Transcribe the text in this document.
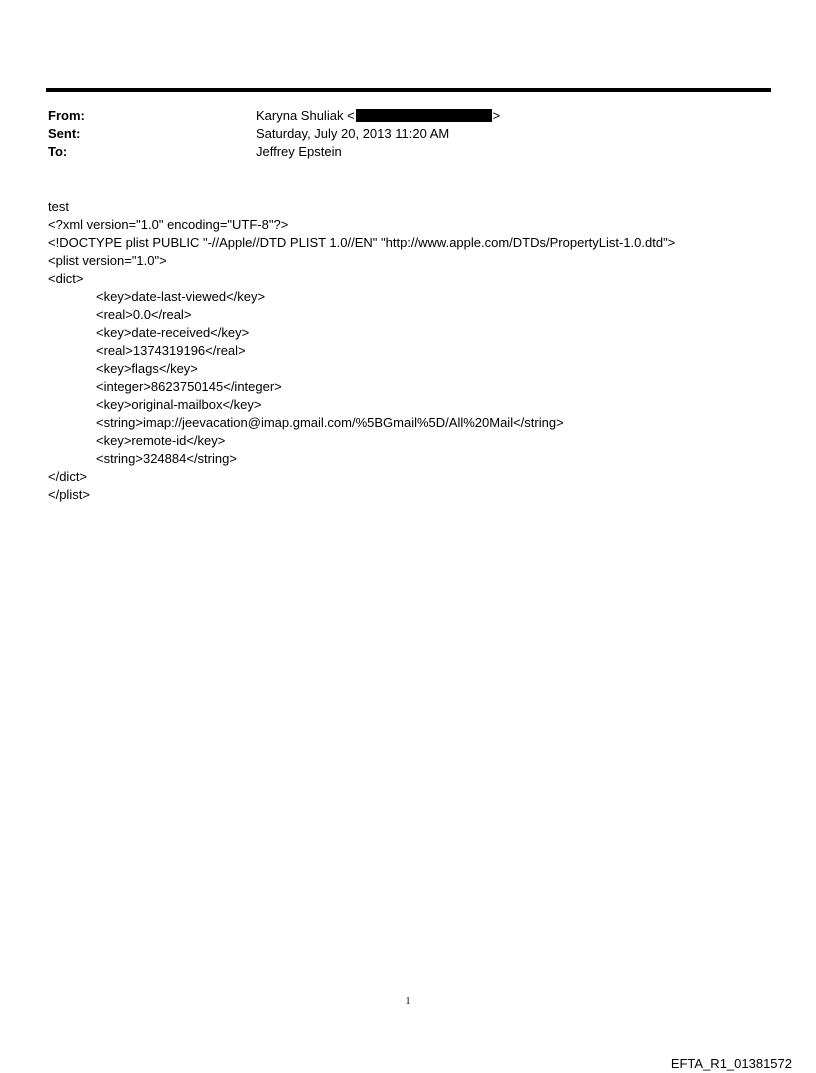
From:	Karyna Shuliak <	>
Sent:	Saturday, July 20, 2013 11:20 AM
To:	Jeffrey Epstein
test
<?xml version="1.0" encoding="UTF-8"?>
<!DOCTYPE plist PUBLIC "-//Apple//DTD PLIST 1.0//EN" "http://www.apple.com/DTDs/PropertyList-1.0.dtd">
<plist version="1.0">
<dict>
<key>date-last-viewed</key>
<real>0.0</real>
<key>date-received</key>
<real>1374319196</real>
<key>flags</key>
<integer>8623750145</integer>
<key>original-mailbox</key>
<string>imap://jeevacation@imap.gmail.com/%5BGmail%5D/All%20Mail</string>
<key>remote-id</key>
<string>324884</string>
</dict>
</plist>
1
EFTA_R1_01381572
